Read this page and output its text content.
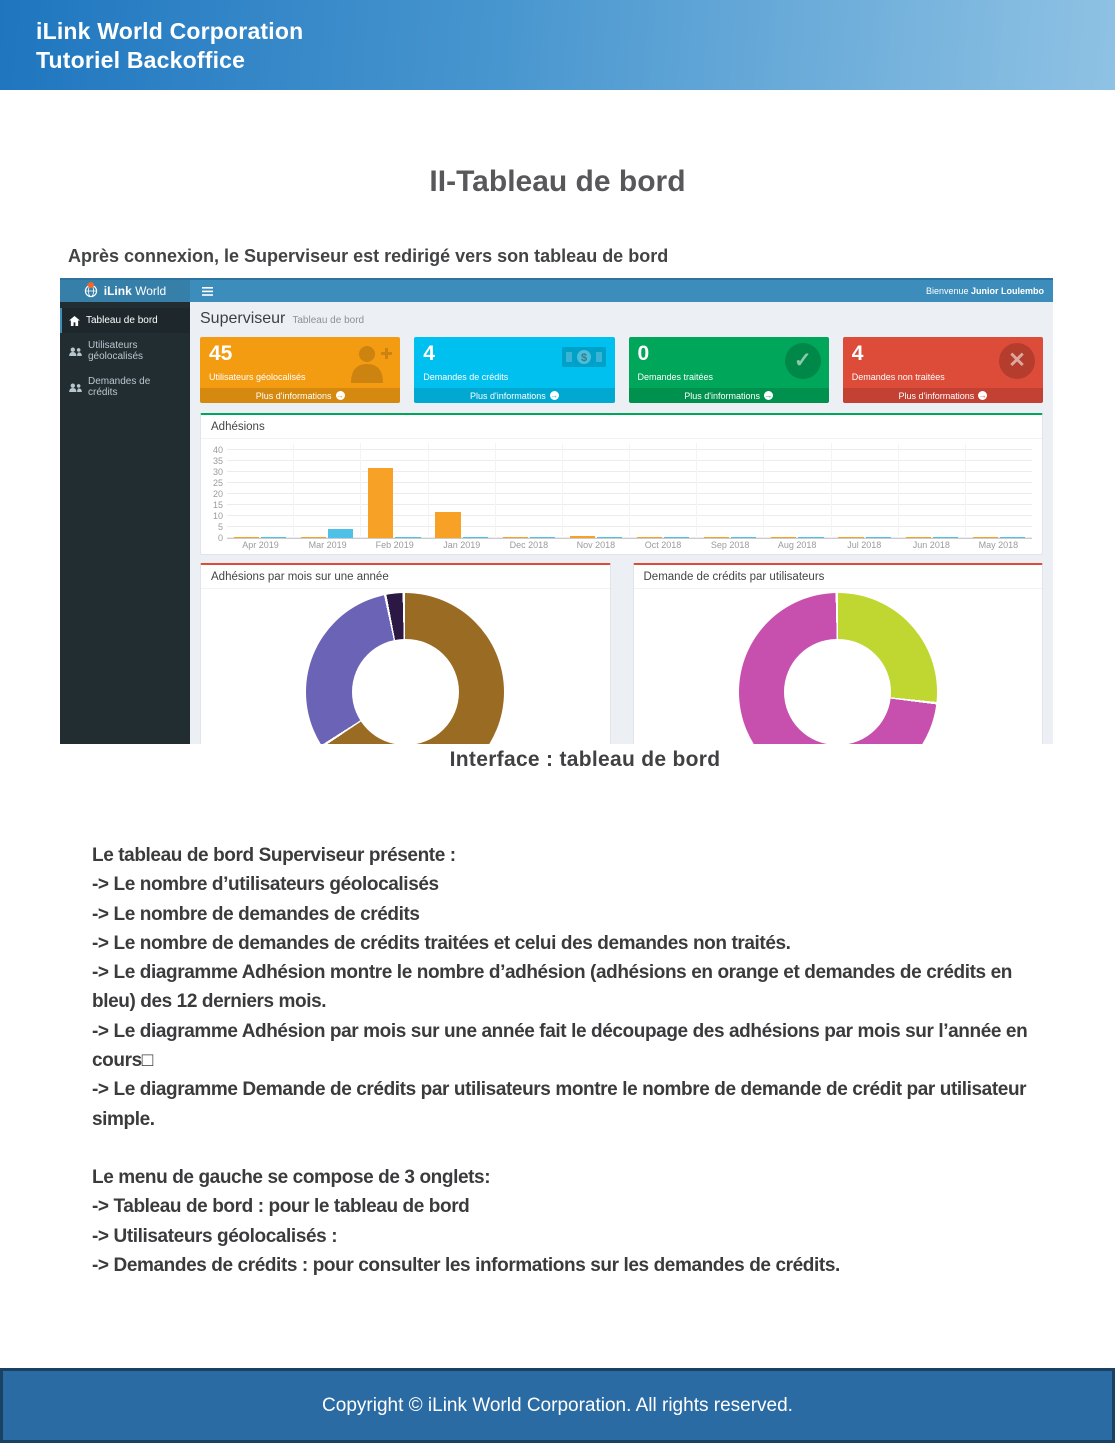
iLink World Corporation
Tutoriel Backoffice
II-Tableau de bord
Après connexion, le Superviseur est redirigé vers son tableau de bord
iLink World	Bienvenue Junior Loulembo
Tableau de bord
Utilisateurs géolocalisés
Demandes de crédits
Superviseur Tableau de bord
45
Utilisateurs géolocalisés
Plus d'informations →
4
Demandes de crédits
$
Plus d'informations →
0
Demandes traitées
✓
Plus d'informations →
4
Demandes non traitées
✕
Plus d'informations →
Adhésions
0
5
10
15
20
25
30
35
40
Apr 2019	Mar 2019	Feb 2019	Jan 2019	Dec 2018	Nov 2018	Oct 2018	Sep 2018	Aug 2018	Jul 2018	Jun 2018	May 2018
Adhésions par mois sur une année	Demande de crédits par utilisateurs
Interface : tableau de bord
Le tableau de bord Superviseur présente :
-> Le nombre d’utilisateurs géolocalisés
-> Le nombre de demandes de crédits
-> Le nombre de demandes de crédits traitées et celui des demandes non traités.
-> Le diagramme Adhésion montre le nombre d’adhésion (adhésions en orange et demandes de crédits en bleu) des 12 derniers mois.
-> Le diagramme Adhésion par mois sur une année fait le découpage des adhésions par mois sur l’année en cours□
-> Le diagramme Demande de crédits par utilisateurs montre le nombre de demande de crédit par utilisateur simple.
Le menu de gauche se compose de 3 onglets:
-> Tableau de bord : pour le tableau de bord
-> Utilisateurs géolocalisés :
-> Demandes de crédits : pour consulter les informations sur les demandes de crédits.
Copyright © iLink World Corporation. All rights reserved.
